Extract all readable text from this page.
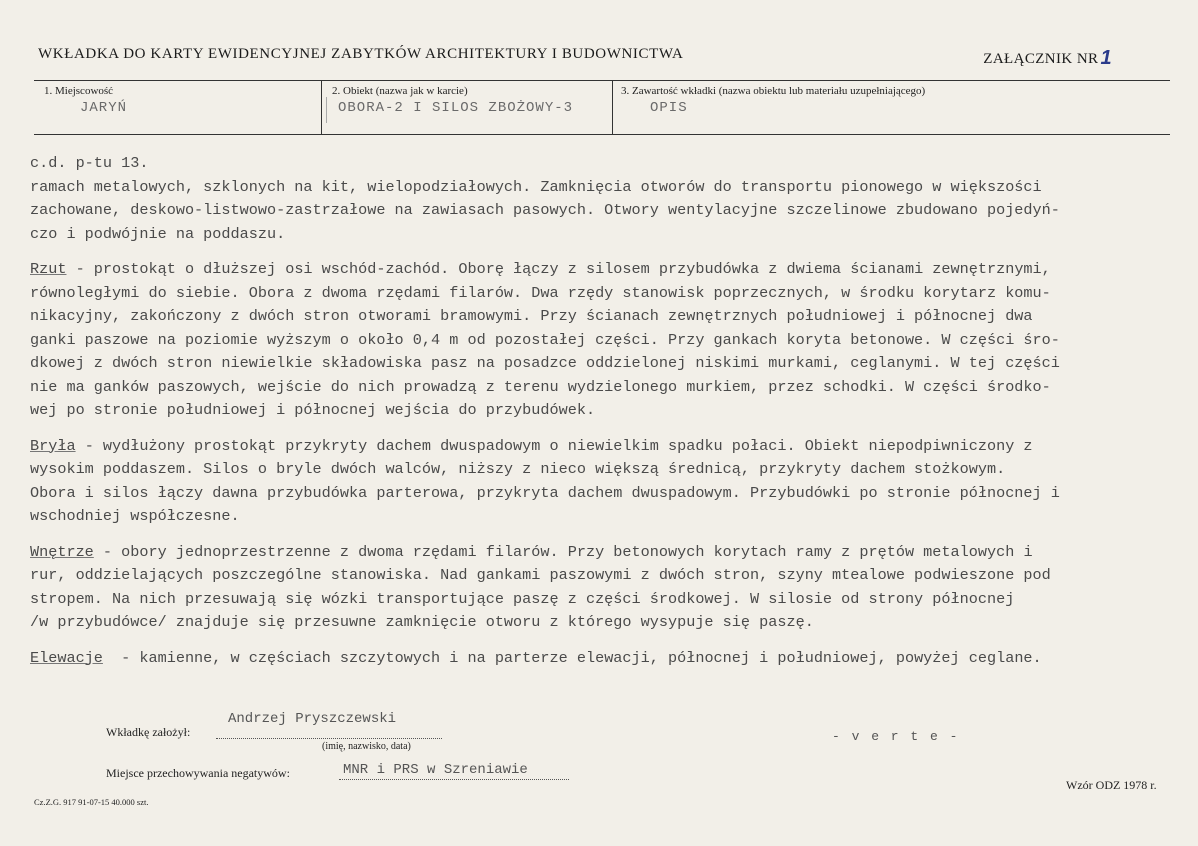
WKŁADKA DO KARTY EWIDENCYJNEJ ZABYTKÓW ARCHITEKTURY I BUDOWNICTWA	ZAŁĄCZNIK NR 1
1. Miejscowość
JARYŃ
2. Obiekt (nazwa jak w karcie)
OBORA-2 I SILOS ZBOŻOWY-3
3. Zawartość wkładki (nazwa obiektu lub materiału uzupełniającego)
OPIS

c.d. p-tu 13.

ramach metalowych, szklonych na kit, wielopodziałowych. Zamknięcia otworów do transportu pionowego w większości

zachowane, deskowo-listwowo-zastrzałowe na zawiasach pasowych. Otwory wentylacyjne szczelinowe zbudowano pojedyń-

czo i podwójnie na poddaszu.

Rzut - prostokąt o dłuższej osi wschód-zachód. Oborę łączy z silosem przybudówka z dwiema ścianami zewnętrznymi,

równoległymi do siebie. Obora z dwoma rzędami filarów. Dwa rzędy stanowisk poprzecznych, w środku korytarz komu-

nikacyjny, zakończony z dwóch stron otworami bramowymi. Przy ścianach zewnętrznych południowej i północnej dwa

ganki paszowe na poziomie wyższym o około 0,4 m od pozostałej części. Przy gankach koryta betonowe. W części śro-

dkowej z dwóch stron niewielkie składowiska pasz na posadzce oddzielonej niskimi murkami, ceglanymi. W tej części

nie ma ganków paszowych, wejście do nich prowadzą z terenu wydzielonego murkiem, przez schodki. W części środko-

wej po stronie południowej i północnej wejścia do przybudówek.

Bryła - wydłużony prostokąt przykryty dachem dwuspadowym o niewielkim spadku połaci. Obiekt niepodpiwniczony z

wysokim poddaszem. Silos o bryle dwóch walców, niższy z nieco większą średnicą, przykryty dachem stożkowym.

Obora i silos łączy dawna przybudówka parterowa, przykryta dachem dwuspadowym. Przybudówki po stronie północnej i

wschodniej współczesne.

Wnętrze - obory jednoprzestrzenne z dwoma rzędami filarów. Przy betonowych korytach ramy z prętów metalowych i

rur, oddzielających poszczególne stanowiska. Nad gankami paszowymi z dwóch stron, szyny mtealowe podwieszone pod

stropem. Na nich przesuwają się wózki transportujące paszę z części środkowej. W silosie od strony północnej

/w przybudówce/ znajduje się przesuwne zamknięcie otworu z którego wysypuje się paszę.

Elewacje  - kamienne, w częściach szczytowych i na parterze elewacji, północnej i południowej, powyżej ceglane.

Wkładkę założył:
Andrzej Pryszczewski
(imię, nazwisko, data)
- v e r t e -
Miejsce przechowywania negatywów:	MNR i PRS w Szreniawie
Wzór ODZ 1978 r.
Cz.Z.G. 917 91-07-15 40.000 szt.
